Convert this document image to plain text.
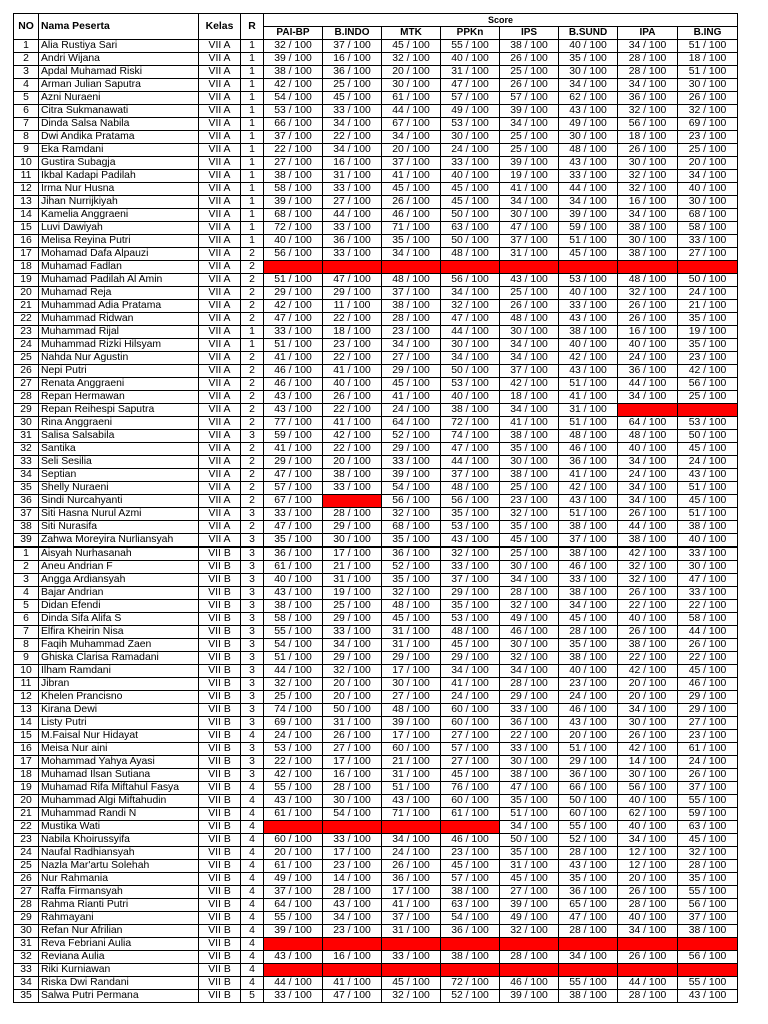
NO	Nama Peserta	Kelas	R	Score							
				PAI-BP	B.INDO	MTK	PPKn	IPS	B.SUND	IPA	B.ING
1	Alia Rustiya Sari	VII A	1	32 / 100	37 / 100	45 / 100	55 / 100	38 / 100	40 / 100	34 / 100	51 / 100
2	Andri Wijana	VII A	1	39 / 100	16 / 100	32 / 100	40 / 100	26 / 100	35 / 100	28 / 100	18 / 100
3	Apdal Muhamad Riski	VII A	1	38 / 100	36 / 100	20 / 100	31 / 100	25 / 100	30 / 100	28 / 100	51 / 100
4	Arman Julian Saputra	VII A	1	42 / 100	25 / 100	30 / 100	47 / 100	26 / 100	34 / 100	34 / 100	30 / 100
5	Azni Nuraeni	VII A	1	54 / 100	45 / 100	61 / 100	57 / 100	57 / 100	62 / 100	36 / 100	26 / 100
6	Citra Sukmanawati	VII A	1	53 / 100	33 / 100	44 / 100	49 / 100	39 / 100	43 / 100	32 / 100	32 / 100
7	Dinda Salsa Nabila	VII A	1	66 / 100	34 / 100	67 / 100	53 / 100	34 / 100	49 / 100	56 / 100	69 / 100
8	Dwi Andika Pratama	VII A	1	37 / 100	22 / 100	34 / 100	30 / 100	25 / 100	30 / 100	18 / 100	23 / 100
9	Eka Ramdani	VII A	1	22 / 100	34 / 100	20 / 100	24 / 100	25 / 100	48 / 100	26 / 100	25 / 100
10	Gustira Subagja	VII A	1	27 / 100	16 / 100	37 / 100	33 / 100	39 / 100	43 / 100	30 / 100	20 / 100
11	Ikbal Kadapi Padilah	VII A	1	38 / 100	31 / 100	41 / 100	40 / 100	19 / 100	33 / 100	32 / 100	34 / 100
12	Irma Nur Husna	VII A	1	58 / 100	33 / 100	45 / 100	45 / 100	41 / 100	44 / 100	32 / 100	40 / 100
13	Jihan Nurrijkiyah	VII A	1	39 / 100	27 / 100	26 / 100	45 / 100	34 / 100	34 / 100	16 / 100	30 / 100
14	Kamelia Anggraeni	VII A	1	68 / 100	44 / 100	46 / 100	50 / 100	30 / 100	39 / 100	34 / 100	68 / 100
15	Luvi Dawiyah	VII A	1	72 / 100	33 / 100	71 / 100	63 / 100	47 / 100	59 / 100	38 / 100	58 / 100
16	Melisa Reyina Putri	VII A	1	40 / 100	36 / 100	35 / 100	50 / 100	37 / 100	51 / 100	30 / 100	33 / 100
17	Mohamad Dafa Alpauzi	VII A	2	56 / 100	33 / 100	34 / 100	48 / 100	31 / 100	45 / 100	38 / 100	27 / 100
18	Muhamad Fadlan	VII A	2								
19	Muhamad Padilah Al Amin	VII A	2	51 / 100	47 / 100	48 / 100	56 / 100	43 / 100	53 / 100	48 / 100	50 / 100
20	Muhamad Reja	VII A	2	29 / 100	29 / 100	37 / 100	34 / 100	25 / 100	40 / 100	32 / 100	24 / 100
21	Muhammad Adia Pratama	VII A	2	42 / 100	11 / 100	38 / 100	32 / 100	26 / 100	33 / 100	26 / 100	21 / 100
22	Muhammad Ridwan	VII A	2	47 / 100	22 / 100	28 / 100	47 / 100	48 / 100	43 / 100	26 / 100	35 / 100
23	Muhammad Rijal	VII A	1	33 / 100	18 / 100	23 / 100	44 / 100	30 / 100	38 / 100	16 / 100	19 / 100
24	Muhammad Rizki Hilsyam	VII A	1	51 / 100	23 / 100	34 / 100	30 / 100	34 / 100	40 / 100	40 / 100	35 / 100
25	Nahda Nur Agustin	VII A	2	41 / 100	22 / 100	27 / 100	34 / 100	34 / 100	42 / 100	24 / 100	23 / 100
26	Nepi Putri	VII A	2	46 / 100	41 / 100	29 / 100	50 / 100	37 / 100	43 / 100	36 / 100	42 / 100
27	Renata Anggraeni	VII A	2	46 / 100	40 / 100	45 / 100	53 / 100	42 / 100	51 / 100	44 / 100	56 / 100
28	Repan Hermawan	VII A	2	43 / 100	26 / 100	41 / 100	40 / 100	18 / 100	41 / 100	34 / 100	25 / 100
29	Repan Reihespi Saputra	VII A	2	43 / 100	22 / 100	24 / 100	38 / 100	34 / 100	31 / 100		
30	Rina Anggraeni	VII A	2	77 / 100	41 / 100	64 / 100	72 / 100	41 / 100	51 / 100	64 / 100	53 / 100
31	Salisa Salsabila	VII A	3	59 / 100	42 / 100	52 / 100	74 / 100	38 / 100	48 / 100	48 / 100	50 / 100
32	Santika	VII A	2	41 / 100	22 / 100	29 / 100	47 / 100	35 / 100	46 / 100	40 / 100	45 / 100
33	Seli Sesilia	VII A	2	29 / 100	20 / 100	33 / 100	44 / 100	30 / 100	36 / 100	34 / 100	24 / 100
34	Septian	VII A	2	47 / 100	38 / 100	39 / 100	37 / 100	38 / 100	41 / 100	24 / 100	43 / 100
35	Shelly Nuraeni	VII A	2	57 / 100	33 / 100	54 / 100	48 / 100	25 / 100	42 / 100	34 / 100	51 / 100
36	Sindi Nurcahyanti	VII A	2	67 / 100		56 / 100	56 / 100	23 / 100	43 / 100	34 / 100	45 / 100
37	Siti Hasna Nurul Azmi	VII A	3	33 / 100	28 / 100	32 / 100	35 / 100	32 / 100	51 / 100	26 / 100	51 / 100
38	Siti Nurasifa	VII A	2	47 / 100	29 / 100	68 / 100	53 / 100	35 / 100	38 / 100	44 / 100	38 / 100
39	Zahwa Moreyira Nurliansyah	VII A	3	35 / 100	30 / 100	35 / 100	43 / 100	45 / 100	37 / 100	38 / 100	40 / 100
1	Aisyah Nurhasanah	VII B	3	36 / 100	17 / 100	36 / 100	32 / 100	25 / 100	38 / 100	42 / 100	33 / 100
2	Aneu Andrian F	VII B	3	61 / 100	21 / 100	52 / 100	33 / 100	30 / 100	46 / 100	32 / 100	30 / 100
3	Angga Ardiansyah	VII B	3	40 / 100	31 / 100	35 / 100	37 / 100	34 / 100	33 / 100	32 / 100	47 / 100
4	Bajar Andrian	VII B	3	43 / 100	19 / 100	32 / 100	29 / 100	28 / 100	38 / 100	26 / 100	33 / 100
5	Didan Efendi	VII B	3	38 / 100	25 / 100	48 / 100	35 / 100	32 / 100	34 / 100	22 / 100	22 / 100
6	Dinda Sifa Alifa S	VII B	3	58 / 100	29 / 100	45 / 100	53 / 100	49 / 100	45 / 100	40 / 100	58 / 100
7	Elfira Kheirin Nisa	VII B	3	55 / 100	33 / 100	31 / 100	48 / 100	46 / 100	28 / 100	26 / 100	44 / 100
8	Faqih Muhammad Zaen	VII B	3	54 / 100	34 / 100	31 / 100	45 / 100	30 / 100	35 / 100	38 / 100	26 / 100
9	Ghiska Clarisa Ramadani	VII B	3	51 / 100	29 / 100	29 / 100	29 / 100	32 / 100	38 / 100	22 / 100	22 / 100
10	Ilham Ramdani	VII B	3	44 / 100	32 / 100	17 / 100	34 / 100	34 / 100	40 / 100	42 / 100	45 / 100
11	Jibran	VII B	3	32 / 100	20 / 100	30 / 100	41 / 100	28 / 100	23 / 100	20 / 100	46 / 100
12	Khelen Prancisno	VII B	3	25 / 100	20 / 100	27 / 100	24 / 100	29 / 100	24 / 100	20 / 100	29 / 100
13	Kirana Dewi	VII B	3	74 / 100	50 / 100	48 / 100	60 / 100	33 / 100	46 / 100	34 / 100	29 / 100
14	Listy Putri	VII B	3	69 / 100	31 / 100	39 / 100	60 / 100	36 / 100	43 / 100	30 / 100	27 / 100
15	M.Faisal Nur Hidayat	VII B	4	24 / 100	26 / 100	17 / 100	27 / 100	22 / 100	20 / 100	26 / 100	23 / 100
16	Meisa Nur aini	VII B	3	53 / 100	27 / 100	60 / 100	57 / 100	33 / 100	51 / 100	42 / 100	61 / 100
17	Mohammad Yahya Ayasi	VII B	3	22 / 100	17 / 100	21 / 100	27 / 100	30 / 100	29 / 100	14 / 100	24 / 100
18	Muhamad Ilsan Sutiana	VII B	3	42 / 100	16 / 100	31 / 100	45 / 100	38 / 100	36 / 100	30 / 100	26 / 100
19	Muhamad Rifa Miftahul Fasya	VII B	4	55 / 100	28 / 100	51 / 100	76 / 100	47 / 100	66 / 100	56 / 100	37 / 100
20	Muhammad Algi Miftahudin	VII B	4	43 / 100	30 / 100	43 / 100	60 / 100	35 / 100	50 / 100	40 / 100	55 / 100
21	Muhammad Randi N	VII B	4	61 / 100	54 / 100	71 / 100	61 / 100	51 / 100	60 / 100	62 / 100	59 / 100
22	Mustika Wati	VII B	4					34 / 100	55 / 100	40 / 100	63 / 100
23	Nabila Khoirussyifa	VII B	4	60 / 100	33 / 100	34 / 100	46 / 100	50 / 100	52 / 100	34 / 100	45 / 100
24	Naufal Radhiansyah	VII B	4	20 / 100	17 / 100	24 / 100	23 / 100	35 / 100	28 / 100	12 / 100	32 / 100
25	Nazla Mar'artu Solehah	VII B	4	61 / 100	23 / 100	26 / 100	45 / 100	31 / 100	43 / 100	12 / 100	28 / 100
26	Nur Rahmania	VII B	4	49 / 100	14 / 100	36 / 100	57 / 100	45 / 100	35 / 100	20 / 100	35 / 100
27	Raffa Firmansyah	VII B	4	37 / 100	28 / 100	17 / 100	38 / 100	27 / 100	36 / 100	26 / 100	55 / 100
28	Rahma Rianti Putri	VII B	4	64 / 100	43 / 100	41 / 100	63 / 100	39 / 100	65 / 100	28 / 100	56 / 100
29	Rahmayani	VII B	4	55 / 100	34 / 100	37 / 100	54 / 100	49 / 100	47 / 100	40 / 100	37 / 100
30	Refan Nur Afrilian	VII B	4	39 / 100	23 / 100	31 / 100	36 / 100	32 / 100	28 / 100	34 / 100	38 / 100
31	Reva Febriani Aulia	VII B	4								
32	Reviana Aulia	VII B	4	43 / 100	16 / 100	33 / 100	38 / 100	28 / 100	34 / 100	26 / 100	56 / 100
33	Riki Kurniawan	VII B	4								
34	Riska Dwi Randani	VII B	4	44 / 100	41 / 100	45 / 100	72 / 100	46 / 100	55 / 100	44 / 100	55 / 100
35	Salwa Putri Permana	VII B	5	33 / 100	47 / 100	32 / 100	52 / 100	39 / 100	38 / 100	28 / 100	43 / 100
